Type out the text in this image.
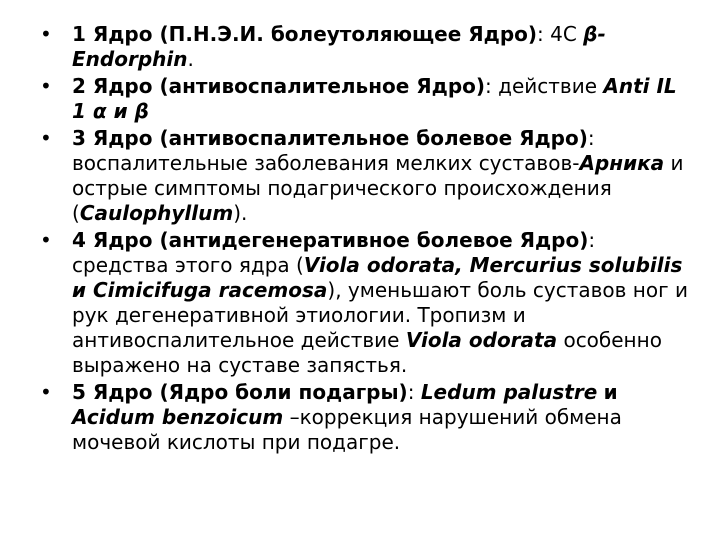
•	1 Ядро (П.Н.Э.И. болеутоляющее Ядро): 4С β-Endorphin.
•	2 Ядро (антивоспалительное Ядро): действие Anti IL 1 α и β
•	3 Ядро (антивоспалительное болевое Ядро): воспалительные заболевания мелких суставов-Арника и острые симптомы подагрического происхождения (Caulophyllum).
•	4 Ядро (антидегенеративное болевое Ядро): средства этого ядра (Viola odorata, Mercurius solubilis и Cimicifuga racemosa), уменьшают боль суставов ног и рук дегенеративной этиологии. Тропизм и антивоспалительное действие Viola odorata особенно выражено на суставе запястья.
•	5 Ядро (Ядро боли подагры): Ledum palustre и Acidum benzoicum –коррекция нарушений обмена мочевой кислоты при подагре.
